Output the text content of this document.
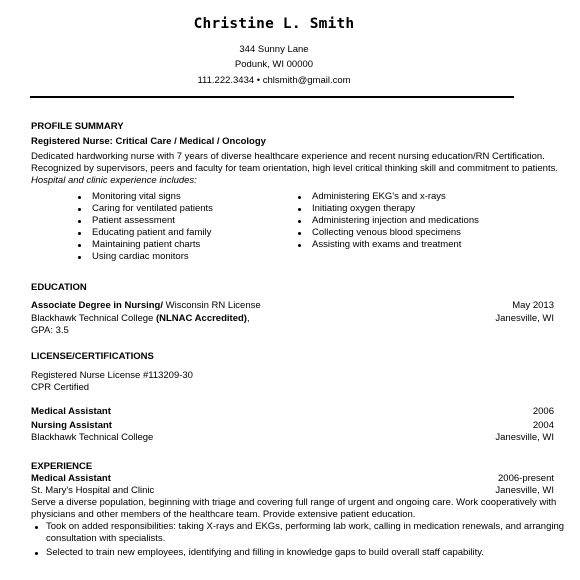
Christine L. Smith
344 Sunny Lane
Podunk, WI 00000
111.222.3434 • chlsmith@gmail.com
PROFILE SUMMARY
Registered Nurse: Critical Care / Medical / Oncology
Dedicated hardworking nurse with 7 years of diverse healthcare experience and recent nursing education/RN Certification.
Recognized by supervisors, peers and faculty for team orientation, high level critical thinking skill and commitment to patients.
Hospital and clinic experience includes:
Monitoring vital signs
Caring for ventilated patients
Patient assessment
Educating patient and family
Maintaining patient charts
Using cardiac monitors
Administering EKG's and x-rays
Initiating oxygen therapy
Administering injection and medications
Collecting venous blood specimens
Assisting with exams and treatment
EDUCATION
Associate Degree in Nursing/ Wisconsin RN License	May 2013
Blackhawk Technical College (NLNAC Accredited),	Janesville, WI
GPA: 3.5
LICENSE/CERTIFICATIONS
Registered Nurse License #113209-30
CPR Certified
Medical Assistant	2006
Nursing Assistant	2004
Blackhawk Technical College	Janesville, WI
EXPERIENCE
Medical Assistant	2006-present
St. Mary's Hospital and Clinic	Janesville, WI
Serve a diverse population, beginning with triage and covering full range of urgent and ongoing care. Work cooperatively with
physicians and other members of the healthcare team. Provide extensive patient education.
Took on added responsibilities: taking X-rays and EKGs, performing lab work, calling in medication renewals, and arranging
consultation with specialists.
Selected to train new employees, identifying and filling in knowledge gaps to build overall staff capability.
